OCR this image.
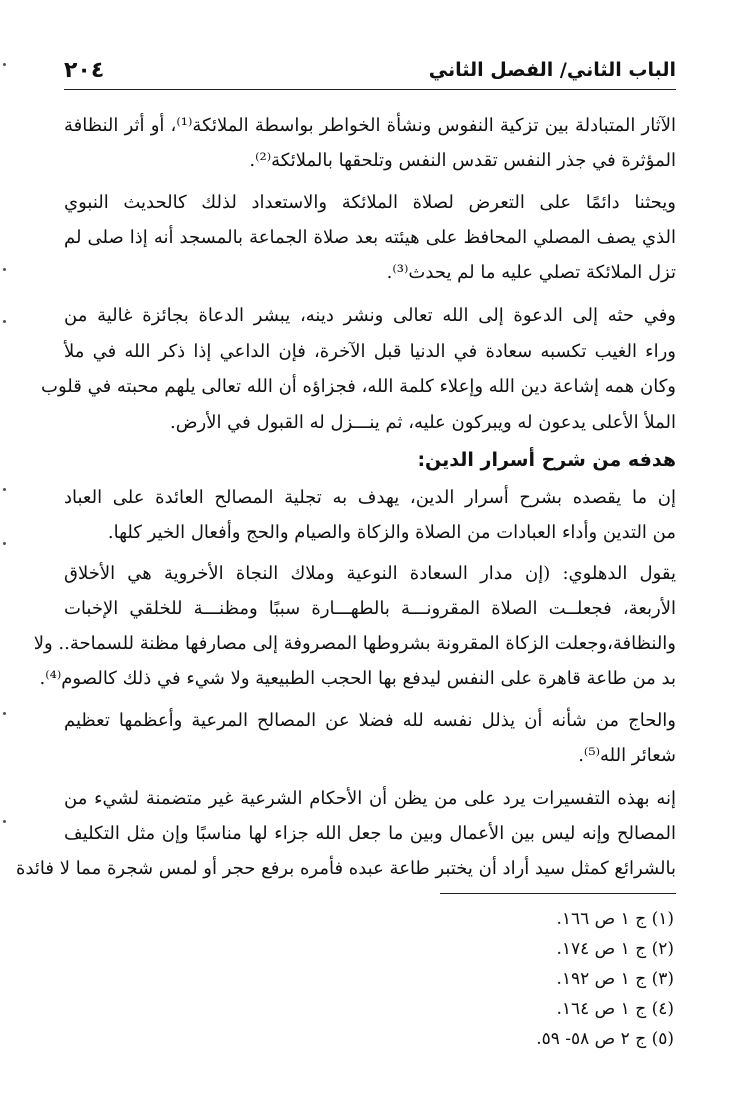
الباب الثاني/ الفصل الثاني
٢٠٤
الآثار المتبادلة بين تزكية النفوس ونشأة الخواطر بواسطة الملائكة⁽¹⁾، أو أثر النظافة
المؤثرة في جذر النفس تقدس النفس وتلحقها بالملائكة⁽²⁾.
ويحثنا دائمًا على التعرض لصلاة الملائكة والاستعداد لذلك كالحديث النبوي
الذي يصف المصلي المحافظ على هيئته بعد صلاة الجماعة بالمسجد أنه إذا صلى لم
تزل الملائكة تصلي عليه ما لم يحدث⁽³⁾.
وفي حثه إلى الدعوة إلى الله تعالى ونشر دينه، يبشر الدعاة بجائزة غالية من
وراء الغيب تكسبه سعادة في الدنيا قبل الآخرة، فإن الداعي إذا ذكر الله في ملأ
وكان همه إشاعة دين الله وإعلاء كلمة الله، فجزاؤه أن الله تعالى يلهم محبته في قلوب
الملأ الأعلى يدعون له ويبركون عليه، ثم ينـــزل له القبول في الأرض.
هدفه من شرح أسرار الدين:
إن ما يقصده بشرح أسرار الدين، يهدف به تجلية المصالح العائدة على العباد
من التدين وأداء العبادات من الصلاة والزكاة والصيام والحج وأفعال الخير كلها.
يقول الدهلوي: (إن مدار السعادة النوعية وملاك النجاة الأخروية هي الأخلاق
الأربعة، فجعلــت الصلاة المقرونـــة بالطهـــارة سببًا ومظنـــة للخلقي الإخبات
والنظافة،وجعلت الزكاة المقرونة بشروطها المصروفة إلى مصارفها مظنة للسماحة.. ولا
بد من طاعة قاهرة على النفس ليدفع بها الحجب الطبيعية ولا شيء في ذلك كالصوم⁽⁴⁾.
والحاج من شأنه أن يذلل نفسه لله فضلا عن المصالح المرعية وأعظمها تعظيم
شعائر الله⁽⁵⁾.
إنه بهذه التفسيرات يرد على من يظن أن الأحكام الشرعية غير متضمنة لشيء من
المصالح وإنه ليس بين الأعمال وبين ما جعل الله جزاء لها مناسبًا وإن مثل التكليف
بالشرائع كمثل سيد أراد أن يختبر طاعة عبده فأمره برفع حجر أو لمس شجرة مما لا فائدة
(١) ج ١ ص ١٦٦.
(٢) ج ١ ص ١٧٤.
(٣) ج ١ ص ١٩٢.
(٤) ج ١ ص ١٦٤.
(٥) ج ٢ ص ٥٨- ٥٩.
